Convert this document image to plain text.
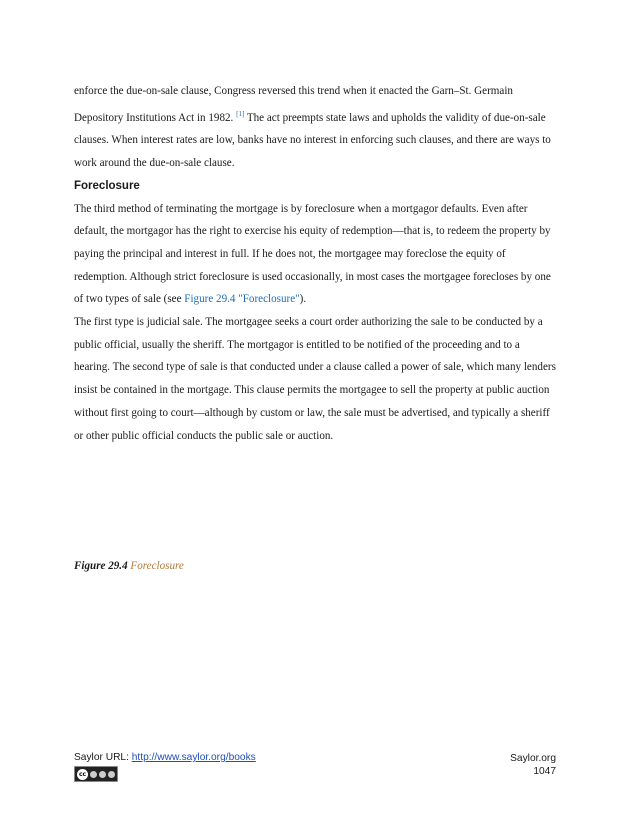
enforce the due-on-sale clause, Congress reversed this trend when it enacted the Garn–St. Germain Depository Institutions Act in 1982. [1] The act preempts state laws and upholds the validity of due-on-sale clauses. When interest rates are low, banks have no interest in enforcing such clauses, and there are ways to work around the due-on-sale clause.

Foreclosure

The third method of terminating the mortgage is by foreclosure when a mortgagor defaults. Even after default, the mortgagor has the right to exercise his equity of redemption—that is, to redeem the property by paying the principal and interest in full. If he does not, the mortgagee may foreclose the equity of redemption. Although strict foreclosure is used occasionally, in most cases the mortgagee forecloses by one of two types of sale (see Figure 29.4 "Foreclosure").

The first type is judicial sale. The mortgagee seeks a court order authorizing the sale to be conducted by a public official, usually the sheriff. The mortgagor is entitled to be notified of the proceeding and to a hearing. The second type of sale is that conducted under a clause called a power of sale, which many lenders insist be contained in the mortgage. This clause permits the mortgagee to sell the property at public auction without first going to court—although by custom or law, the sale must be advertised, and typically a sheriff or other public official conducts the public sale or auction.

Figure 29.4 Foreclosure
Saylor URL: http://www.saylor.org/books
cc
Saylor.org
1047
